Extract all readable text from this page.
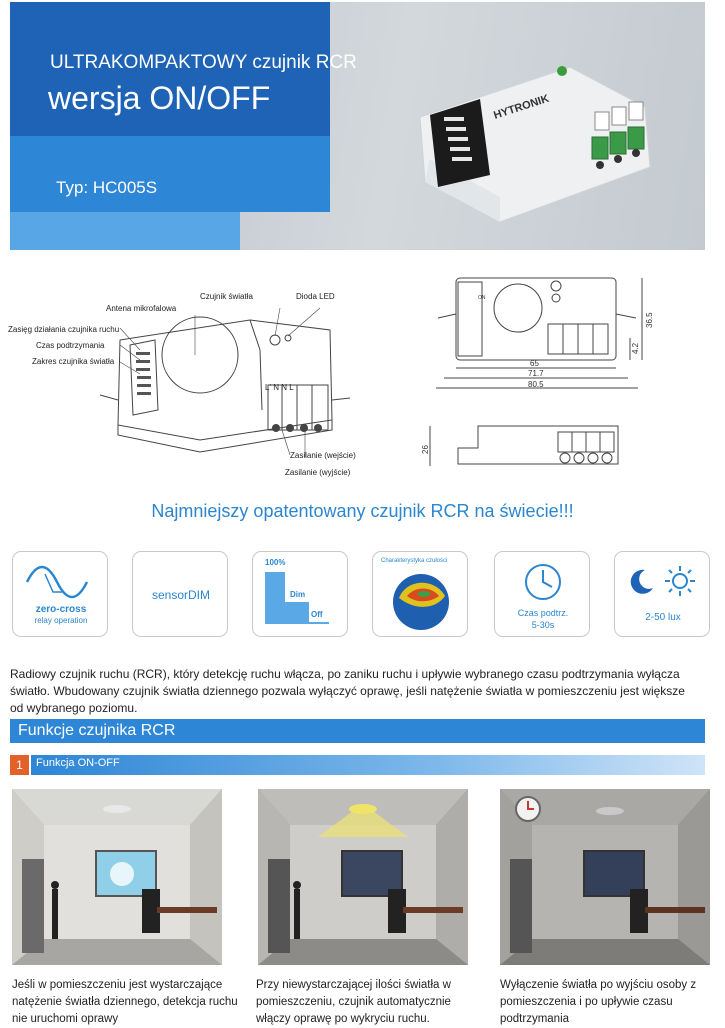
HYTRONIK
ULTRAKOMPAKTOWY czujnik RCR
wersja ON/OFF
Typ: HC005S
Czujnik światła	Dioda LED
Antena mikrofalowa
Zasięg działania czujnika ruchu
Czas podtrzymania
Zakres czujnika światła
L' N N L
Zasilanie (wejście)
Zasilanie (wyjście)
ON
65
71.7
80.5
36.5
4.2
26
Najmniejszy opatentowany czujnik RCR na świecie!!!
zero-cross
relay operation
sensorDIM
100%
Dim
Off
Charakterystyka czułości
Czas podtrz.
5-30s
2-50 lux
Radiowy czujnik ruchu (RCR), który detekcję ruchu włącza, po zaniku ruchu i upływie wybranego czasu podtrzymania wyłącza światło. Wbudowany czujnik światła dziennego pozwala wyłączyć oprawę, jeśli natężenie światła w pomieszczeniu jest większe od wybranego poziomu.
Funkcje czujnika RCR
1	Funkcja ON-OFF
Jeśli w pomieszczeniu jest wystarczające natężenie światła dziennego, detekcja ruchu nie uruchomi oprawy
Przy niewystarczającej ilości światła w pomieszczeniu, czujnik automatycznie włączy oprawę po wykryciu ruchu.
Wyłączenie światła po wyjściu osoby z pomieszczenia i po upływie czasu podtrzymania
